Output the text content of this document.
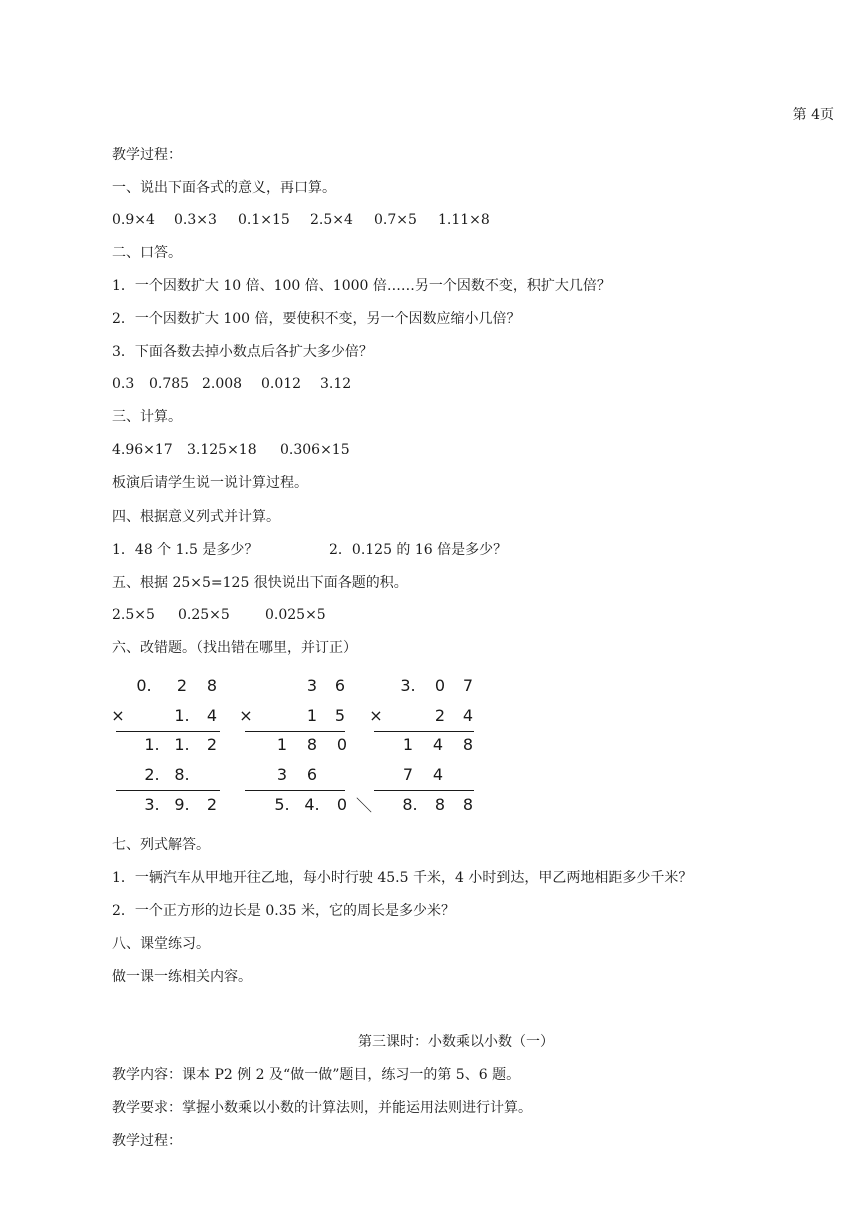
第 4页
教学过程：
一、说出下面各式的意义，再口算。
0.9×4 0.3×3 0.1×15 2.5×4 0.7×5 1.11×8
二、口答。
1．一个因数扩大 10 倍、100 倍、1000 倍……另一个因数不变，积扩大几倍？
2．一个因数扩大 100 倍，要使积不变，另一个因数应缩小几倍？
3．下面各数去掉小数点后各扩大多少倍？
0.3 0.785 2.008 0.012 3.12
三、计算。
4.96×17 3.125×18 0.306×15
板演后请学生说一说计算过程。
四、根据意义列式并计算。
1．48 个 1.5 是多少？	2．0.125 的 16 倍是多少？
五、根据 25×5=125 很快说出下面各题的积。
2.5×5 0.25×5	0.025×5
六、改错题。（找出错在哪里，并订正）
0.	2	8
×	1.	4
1. 1.	2
2. 8.
3. 9.	2
3	6
×	1	5
1	8	0
3	6
5. 4.	0 ＼
3.	0	7
×	2	4
1	4	8
7	4
8.	8	8
七、列式解答。
1．一辆汽车从甲地开往乙地，每小时行驶 45.5 千米，4 小时到达，甲乙两地相距多少千米？
2．一个正方形的边长是 0.35 米，它的周长是多少米？
八、课堂练习。
做一课一练相关内容。
第三课时：小数乘以小数（一）
教学内容：课本 P2 例 2 及“做一做”题目，练习一的第 5、6 题。
教学要求：掌握小数乘以小数的计算法则，并能运用法则进行计算。
教学过程：
